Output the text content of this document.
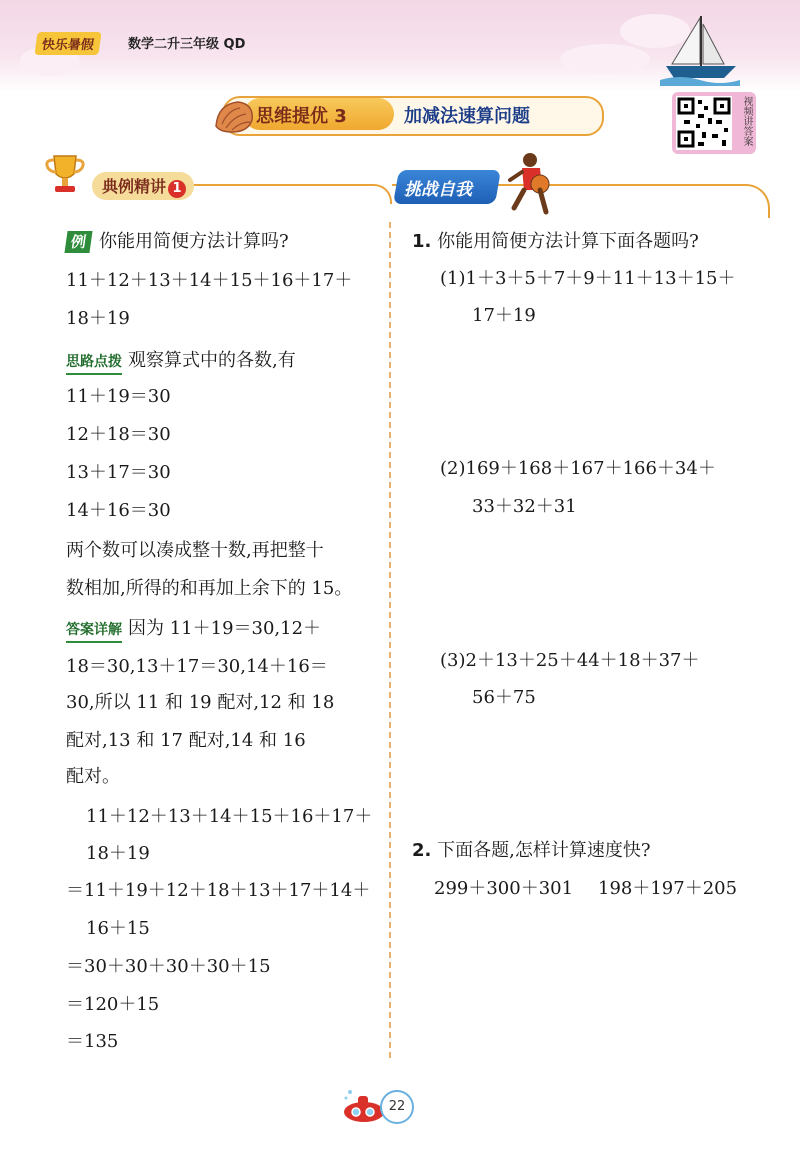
快乐暑假	数学二升三年级 QD
思维提优 3	加减法速算问题	视频讲答案
典例精讲 1	挑战自我
例 你能用简便方法计算吗?
11＋12＋13＋14＋15＋16＋17＋
18＋19
思路点拨 观察算式中的各数,有
11＋19＝30
12＋18＝30
13＋17＝30
14＋16＝30
两个数可以凑成整十数,再把整十
数相加,所得的和再加上余下的 15。
答案详解 因为 11＋19＝30,12＋
18＝30,13＋17＝30,14＋16＝
30,所以 11 和 19 配对,12 和 18
配对,13 和 17 配对,14 和 16
配对。
11＋12＋13＋14＋15＋16＋17＋
18＋19
＝11＋19＋12＋18＋13＋17＋14＋
16＋15
＝30＋30＋30＋30＋15
＝120＋15
＝135
1. 你能用简便方法计算下面各题吗?
(1)1＋3＋5＋7＋9＋11＋13＋15＋
17＋19
(2)169＋168＋167＋166＋34＋
33＋32＋31
(3)2＋13＋25＋44＋18＋37＋
56＋75
2. 下面各题,怎样计算速度快?
299＋300＋301 198＋197＋205
22
